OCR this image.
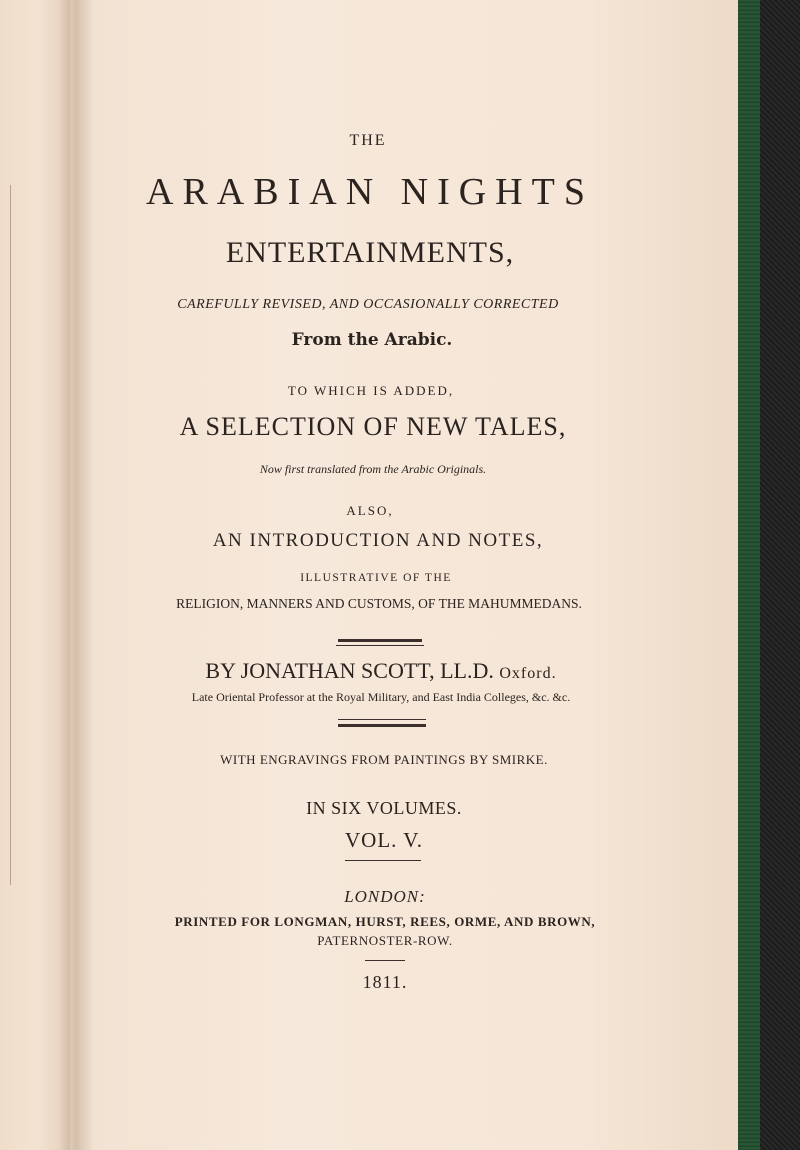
THE

ARABIAN NIGHTS

ENTERTAINMENTS,

CAREFULLY REVISED, AND OCCASIONALLY CORRECTED

From the Arabic.

TO WHICH IS ADDED,

A SELECTION OF NEW TALES,

Now first translated from the Arabic Originals.

ALSO,

AN INTRODUCTION AND NOTES,

ILLUSTRATIVE OF THE

RELIGION, MANNERS AND CUSTOMS, OF THE MAHUMMEDANS.

BY JONATHAN SCOTT, LL.D. Oxford.

Late Oriental Professor at the Royal Military, and East India Colleges, &c. &c.

WITH ENGRAVINGS FROM PAINTINGS BY SMIRKE.

IN SIX VOLUMES.

VOL. V.

LONDON:

PRINTED FOR LONGMAN, HURST, REES, ORME, AND BROWN,

PATERNOSTER-ROW.

1811.
